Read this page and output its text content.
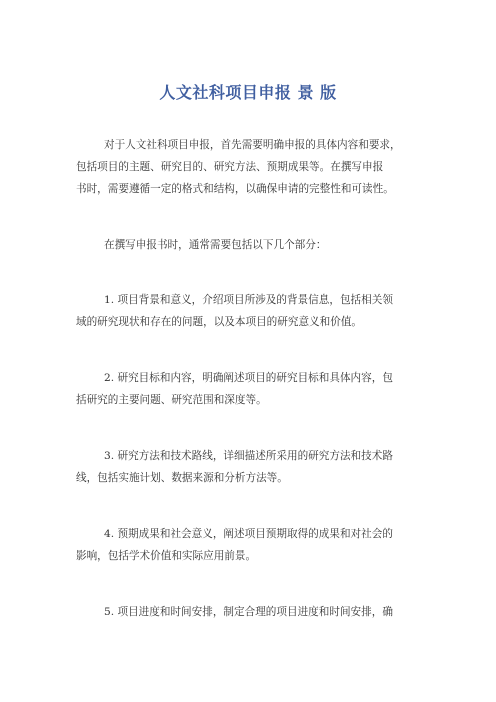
人文社科项目申报 景 版
对于人文社科项目申报，首先需要明确申报的具体内容和要求，
包括项目的主题、研究目的、研究方法、预期成果等。在撰写申报
书时，需要遵循一定的格式和结构，以确保申请的完整性和可读性。
在撰写申报书时，通常需要包括以下几个部分：
1. 项目背景和意义，介绍项目所涉及的背景信息，包括相关领
域的研究现状和存在的问题，以及本项目的研究意义和价值。
2. 研究目标和内容，明确阐述项目的研究目标和具体内容，包
括研究的主要问题、研究范围和深度等。
3. 研究方法和技术路线，详细描述所采用的研究方法和技术路
线，包括实施计划、数据来源和分析方法等。
4. 预期成果和社会意义，阐述项目预期取得的成果和对社会的
影响，包括学术价值和实际应用前景。
5. 项目进度和时间安排，制定合理的项目进度和时间安排，确
